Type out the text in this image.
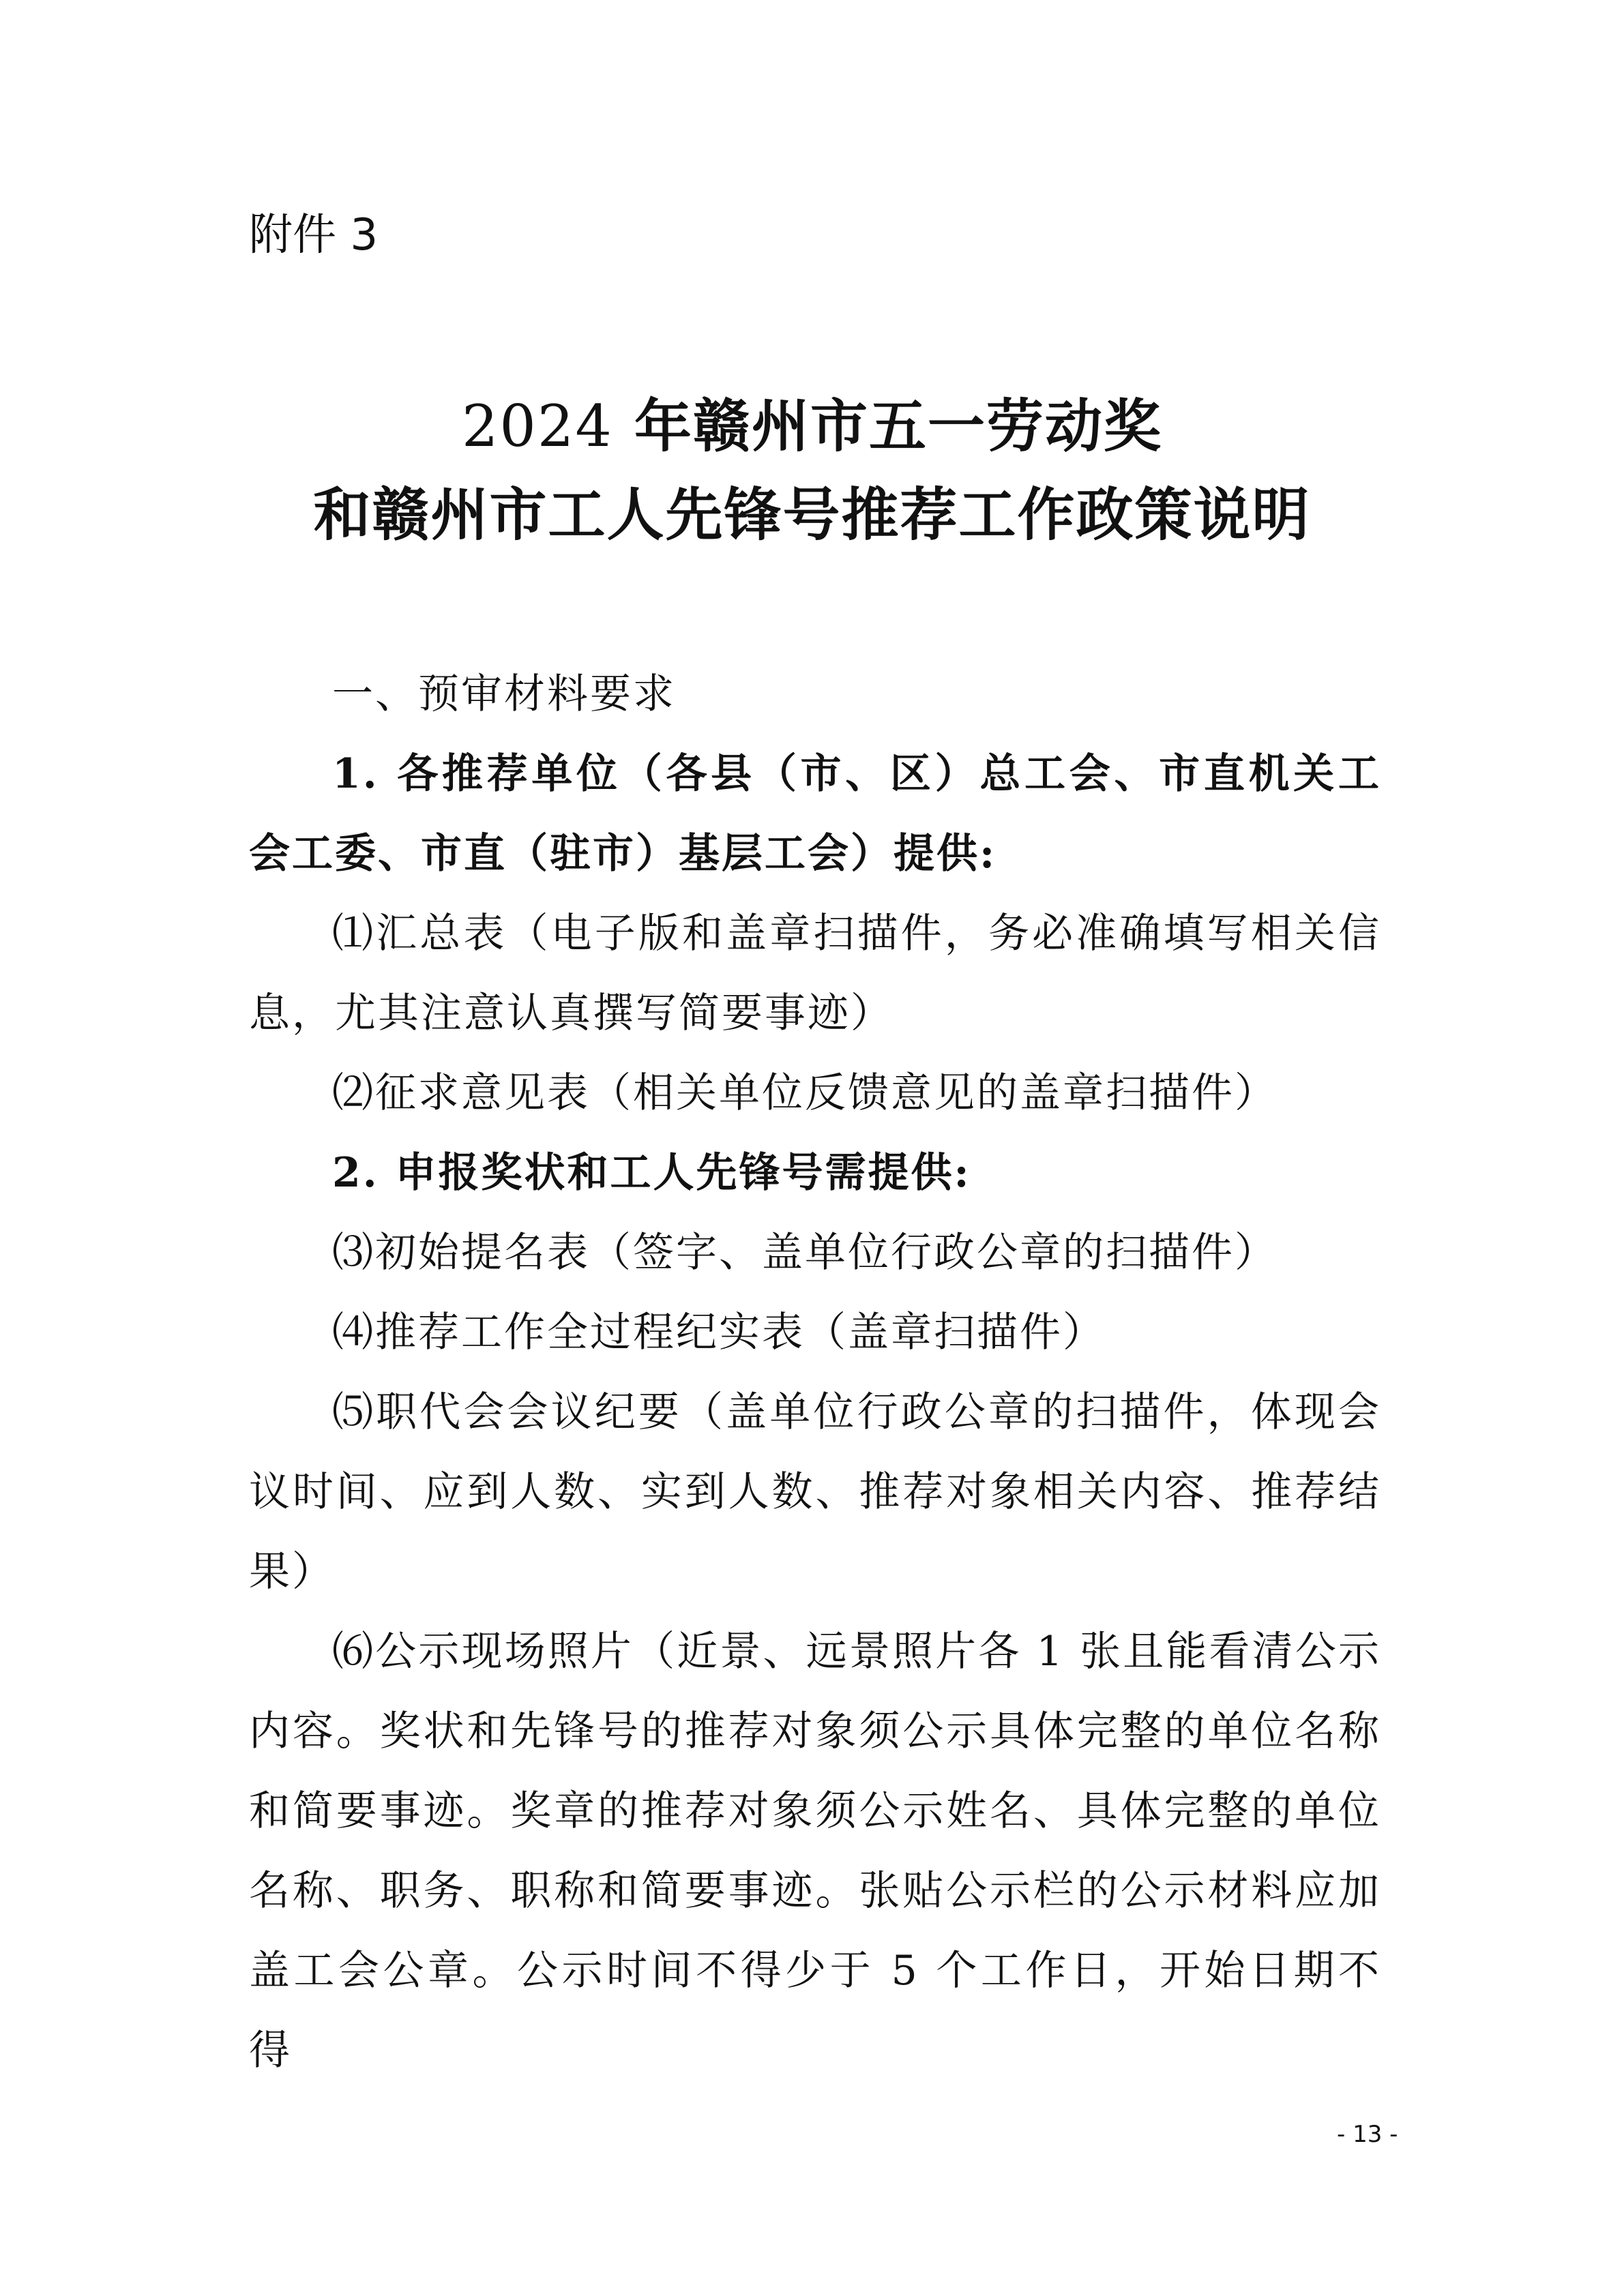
附件 3
2024 年赣州市五一劳动奖
和赣州市工人先锋号推荐工作政策说明

一、预审材料要求

1. 各推荐单位（各县（市、区）总工会、市直机关工会工委、市直（驻市）基层工会）提供:

⑴汇总表（电子版和盖章扫描件，务必准确填写相关信息，尤其注意认真撰写简要事迹）

⑵征求意见表（相关单位反馈意见的盖章扫描件）

2. 申报奖状和工人先锋号需提供:

⑶初始提名表（签字、盖单位行政公章的扫描件）

⑷推荐工作全过程纪实表（盖章扫描件）

⑸职代会会议纪要（盖单位行政公章的扫描件，体现会议时间、应到人数、实到人数、推荐对象相关内容、推荐结果）

⑹公示现场照片（近景、远景照片各 1 张且能看清公示内容。奖状和先锋号的推荐对象须公示具体完整的单位名称和简要事迹。奖章的推荐对象须公示姓名、具体完整的单位名称、职务、职称和简要事迹。张贴公示栏的公示材料应加盖工会公章。公示时间不得少于 5 个工作日，开始日期不得

- 13 -
